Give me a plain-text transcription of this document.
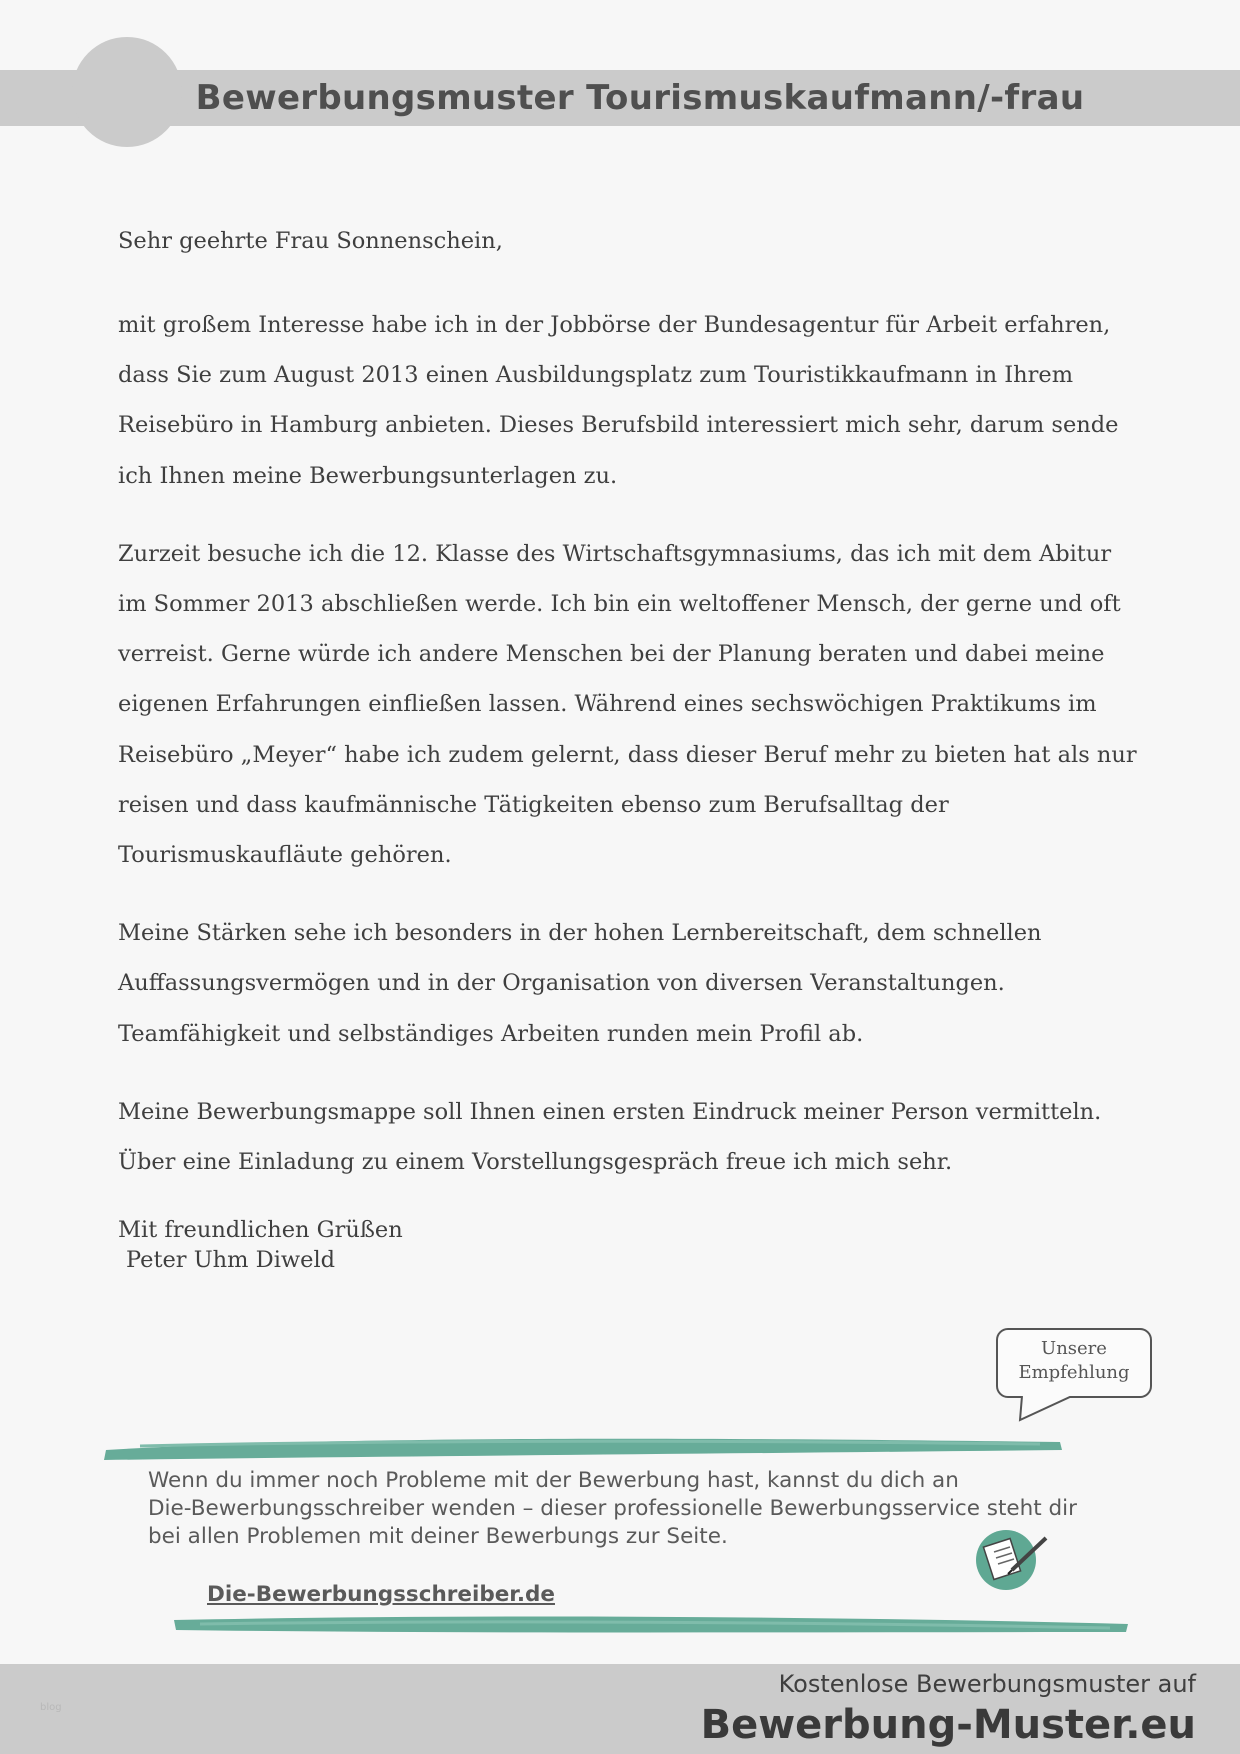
Bewerbungsmuster Tourismuskaufmann/-frau

Sehr geehrte Frau Sonnenschein,

mit großem Interesse habe ich in der Jobbörse der Bundesagentur für Arbeit erfahren, dass Sie zum August 2013 einen Ausbildungsplatz zum Touristikkaufmann in Ihrem Reisebüro in Hamburg anbieten. Dieses Berufsbild interessiert mich sehr, darum sende ich Ihnen meine Bewerbungsunterlagen zu.

Zurzeit besuche ich die 12. Klasse des Wirtschaftsgymnasiums, das ich mit dem Abitur im Sommer 2013 abschließen werde. Ich bin ein weltoffener Mensch, der gerne und oft verreist. Gerne würde ich andere Menschen bei der Planung beraten und dabei meine eigenen Erfahrungen einfließen lassen. Während eines sechswöchigen Praktikums im Reisebüro „Meyer“ habe ich zudem gelernt, dass dieser Beruf mehr zu bieten hat als nur reisen und dass kaufmännische Tätigkeiten ebenso zum Berufsalltag der Tourismuskaufläute gehören.

Meine Stärken sehe ich besonders in der hohen Lernbereitschaft, dem schnellen Auffassungsvermögen und in der Organisation von diversen Veranstaltungen. Teamfähigkeit und selbständiges Arbeiten runden mein Profil ab.

Meine Bewerbungsmappe soll Ihnen einen ersten Eindruck meiner Person vermitteln. Über eine Einladung zu einem Vorstellungsgespräch freue ich mich sehr.

Mit freundlichen Grüßen

Peter Uhm Diweld

Unsere
Empfehlung

Wenn du immer noch Probleme mit der Bewerbung hast, kannst du dich an

Die-Bewerbungsschreiber wenden – dieser professionelle Bewerbungsservice steht dir

bei allen Problemen mit deiner Bewerbungs zur Seite.

Die-Bewerbungsschreiber.de
blog
Kostenlose Bewerbungsmuster auf
Bewerbung-Muster.eu
